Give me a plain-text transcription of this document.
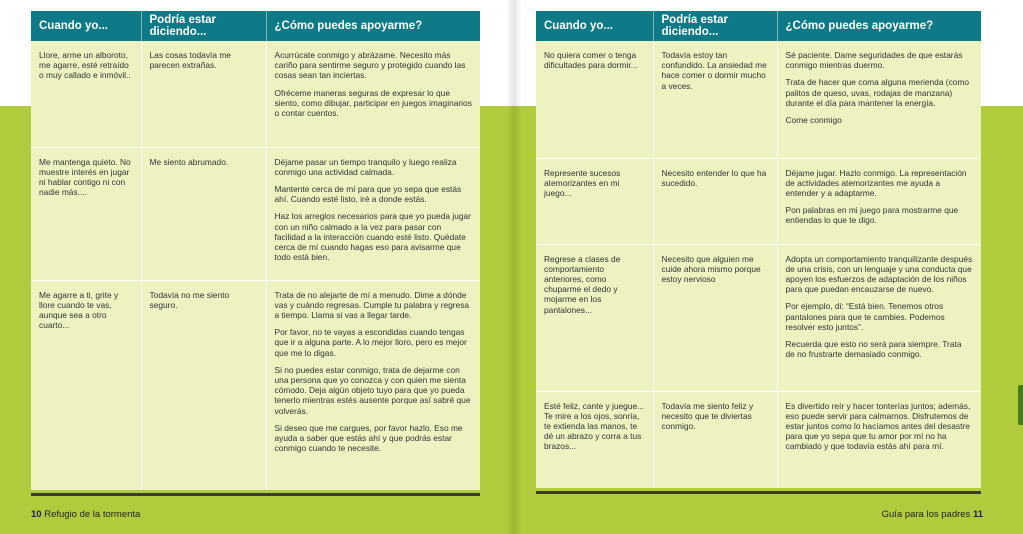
Cuando yo...	Podría estar diciendo...	¿Cómo puedes apoyarme?
Llore, arme un alboroto, me agarre, esté retraído o muy callado e inmóvil..	Las cosas todavía me parecen extrañas.	Acurrúcate conmigo y abrázame. Necesito más cariño para sentirme seguro y protegido cuando las cosas sean tan inciertas.

Ofréceme maneras seguras de expresar lo que siento, como dibujar, participar en juegos imaginarios o contar cuentos.

Me mantenga quieto. No muestre interés en jugar ni hablar contigo ni con nadie más....	Me siento abrumado.	Déjame pasar un tiempo tranquilo y luego realiza conmigo una actividad calmada.

Mantente cerca de mí para que yo sepa que estás ahí. Cuando esté listo, iré a donde estás.

Haz los arreglos necesarios para que yo pueda jugar con un niño calmado a la vez para pasar con facilidad a la interacción cuando esté listo. Quédate cerca de mí cuando hagas eso para avisarme que todo está bien.

Me agarre a ti, grite y llore cuando te vas, aunque sea a otro cuarto...	Todavía no me siento seguro.	Trata de no alejarte de mí a menudo. Dime a dónde vas y cuándo regresas. Cumple tu palabra y regresa a tiempo. Llama si vas a llegar tarde.

Por favor, no te vayas a escondidas cuando tengas que ir a alguna parte. A lo mejor lloro, pero es mejor que me lo digas.

Si no puedes estar conmigo, trata de dejarme con una persona que yo conozca y con quien me sienta cómodo. Deja algún objeto tuyo para que yo pueda tenerlo mientras estés ausente porque así sabré que volverás.

Si deseo que me cargues, por favor hazlo. Eso me ayuda a saber que estás ahí y que podrás estar conmigo cuando te necesite.

Cuando yo...	Podría estar diciendo...	¿Cómo puedes apoyarme?
No quiera comer o tenga dificultades para dormir...	Todavía estoy tan confundido. La ansiedad me hace comer o dormir mucho a veces.	Sé paciente. Dame seguridades de que estarás conmigo mientras duermo.

Trata de hacer que coma alguna merienda (como palitos de queso, uvas, rodajas de manzana) durante el día para mantener la energía.

Come conmigo

Represente sucesos atemorizantes en mi juego...	Necesito entender lo que ha sucedido.	Déjame jugar. Hazlo conmigo. La representación de actividades atemorizantes me ayuda a entender y a adaptarme.

Pon palabras en mi juego para mostrarme que entiendas lo que te digo.

Regrese a clases de comportamiento anteriores, como chuparme el dedo y mojarme en los pantalones...	Necesito que alguien me cuide ahora mismo porque estoy nervioso	Adopta un comportamiento tranquilizante después de una crisis, con un lenguaje y una conducta que apoyen los esfuerzos de adaptación de los niños para que puedan encauzarse de nuevo.

Por ejemplo, di: “Está bien. Tenemos otros pantalones para que te cambies. Podemos resolver esto juntos”.

Recuerda que esto no será para siempre. Trata de no frustrarte demasiado conmigo.

Esté feliz, cante y juegue... Te mire a los ojos, sonría, te extienda las manos, te dé un abrazo y corra a tus brazos...	Todavía me siento feliz y necesito que te diviertas conmigo.	Es divertido reír y hacer tonterías juntos; además, eso puede servir para calmarnos. Disfrutemos de estar juntos como lo hacíamos antes del desastre para que yo sepa que tu amor por mí no ha cambiado y que todavía estás ahí para mí.

10 Refugio de la tormenta	Guía para los padres 11
